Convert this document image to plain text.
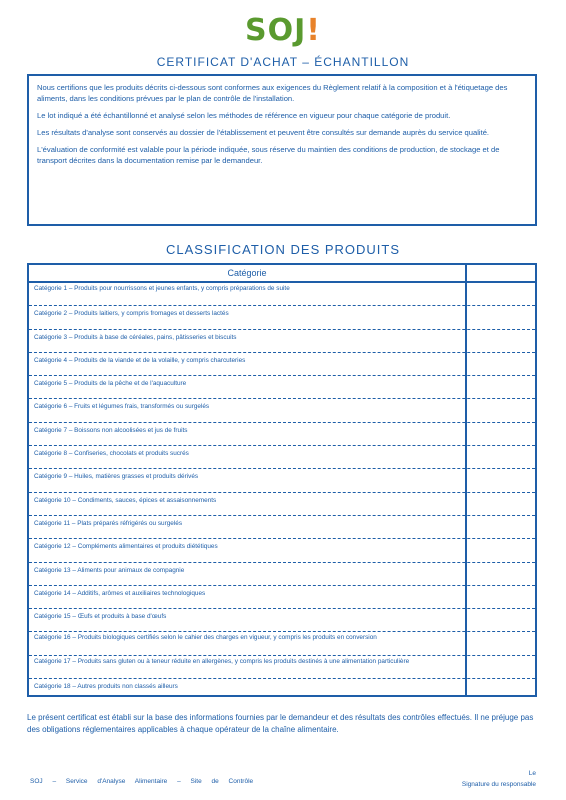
SOJ!
CERTIFICAT D'ACHAT – ÉCHANTILLON

Nous certifions que les produits décrits ci-dessous sont conformes aux exigences du Règlement relatif à la composition et à l'étiquetage des aliments, dans les conditions prévues par le plan de contrôle de l'installation.

Le lot indiqué a été échantillonné et analysé selon les méthodes de référence en vigueur pour chaque catégorie de produit.

Les résultats d'analyse sont conservés au dossier de l'établissement et peuvent être consultés sur demande auprès du service qualité.

L'évaluation de conformité est valable pour la période indiquée, sous réserve du maintien des conditions de production, de stockage et de transport décrites dans la documentation remise par le demandeur.

CLASSIFICATION DES PRODUITS
Catégorie
Catégorie 1 – Produits pour nourrissons et jeunes enfants, y compris préparations de suite
Catégorie 2 – Produits laitiers, y compris fromages et desserts lactés
Catégorie 3 – Produits à base de céréales, pains, pâtisseries et biscuits
Catégorie 4 – Produits de la viande et de la volaille, y compris charcuteries
Catégorie 5 – Produits de la pêche et de l'aquaculture
Catégorie 6 – Fruits et légumes frais, transformés ou surgelés
Catégorie 7 – Boissons non alcoolisées et jus de fruits
Catégorie 8 – Confiseries, chocolats et produits sucrés
Catégorie 9 – Huiles, matières grasses et produits dérivés
Catégorie 10 – Condiments, sauces, épices et assaisonnements
Catégorie 11 – Plats préparés réfrigérés ou surgelés
Catégorie 12 – Compléments alimentaires et produits diététiques
Catégorie 13 – Aliments pour animaux de compagnie
Catégorie 14 – Additifs, arômes et auxiliaires technologiques
Catégorie 15 – Œufs et produits à base d'œufs
Catégorie 16 – Produits biologiques certifiés selon le cahier des charges en vigueur, y compris les produits en conversion
Catégorie 17 – Produits sans gluten ou à teneur réduite en allergènes, y compris les produits destinés à une alimentation particulière
Catégorie 18 – Autres produits non classés ailleurs
Le présent certificat est établi sur la base des informations fournies par le demandeur et des résultats des contrôles effectués. Il ne préjuge pas des obligations réglementaires applicables à chaque opérateur de la chaîne alimentaire.
SOJ – Service d'Analyse Alimentaire – Site de Contrôle
Le
Signature du responsable
